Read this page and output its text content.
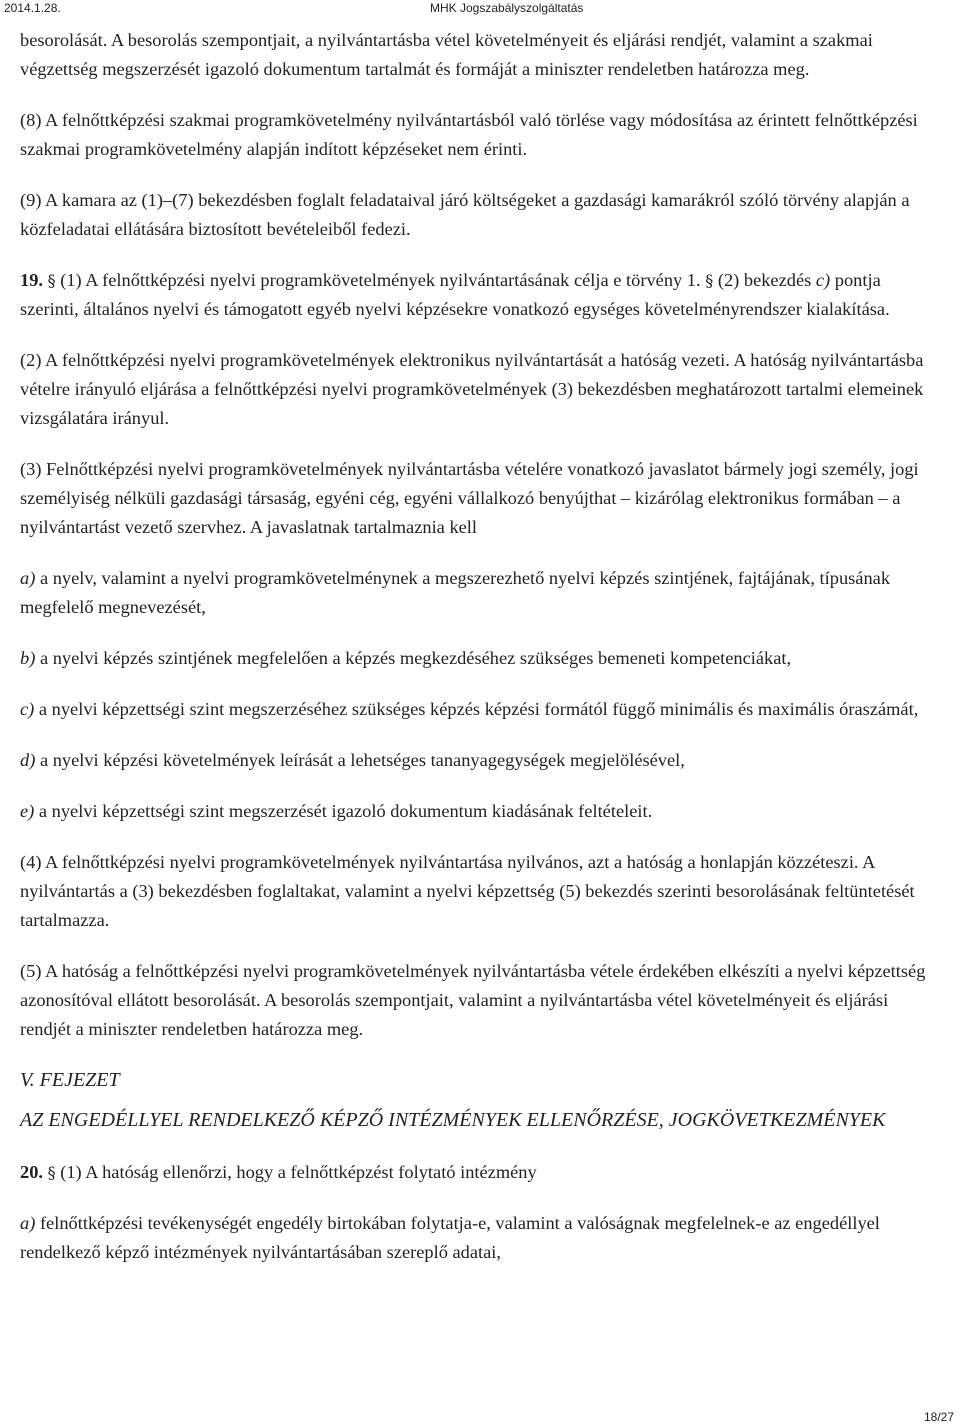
2014.1.28.	MHK Jogszabályszolgáltatás

besorolását. A besorolás szempontjait, a nyilvántartásba vétel követelményeit és eljárási rendjét, valamint a szakmai végzettség megszerzését igazoló dokumentum tartalmát és formáját a miniszter rendeletben határozza meg.

(8) A felnőttképzési szakmai programkövetelmény nyilvántartásból való törlése vagy módosítása az érintett felnőttképzési szakmai programkövetelmény alapján indított képzéseket nem érinti.

(9) A kamara az (1)–(7) bekezdésben foglalt feladataival járó költségeket a gazdasági kamarákról szóló törvény alapján a közfeladatai ellátására biztosított bevételeiből fedezi.

19. § (1) A felnőttképzési nyelvi programkövetelmények nyilvántartásának célja e törvény 1. § (2) bekezdés c) pontja szerinti, általános nyelvi és támogatott egyéb nyelvi képzésekre vonatkozó egységes követelményrendszer kialakítása.

(2) A felnőttképzési nyelvi programkövetelmények elektronikus nyilvántartását a hatóság vezeti. A hatóság nyilvántartásba vételre irányuló eljárása a felnőttképzési nyelvi programkövetelmények (3) bekezdésben meghatározott tartalmi elemeinek vizsgálatára irányul.

(3) Felnőttképzési nyelvi programkövetelmények nyilvántartásba vételére vonatkozó javaslatot bármely jogi személy, jogi személyiség nélküli gazdasági társaság, egyéni cég, egyéni vállalkozó benyújthat – kizárólag elektronikus formában – a nyilvántartást vezető szervhez. A javaslatnak tartalmaznia kell

a) a nyelv, valamint a nyelvi programkövetelménynek a megszerezhető nyelvi képzés szintjének, fajtájának, típusának megfelelő megnevezését,

b) a nyelvi képzés szintjének megfelelően a képzés megkezdéséhez szükséges bemeneti kompetenciákat,

c) a nyelvi képzettségi szint megszerzéséhez szükséges képzés képzési formától függő minimális és maximális óraszámát,

d) a nyelvi képzési követelmények leírását a lehetséges tananyagegységek megjelölésével,

e) a nyelvi képzettségi szint megszerzését igazoló dokumentum kiadásának feltételeit.

(4) A felnőttképzési nyelvi programkövetelmények nyilvántartása nyilvános, azt a hatóság a honlapján közzéteszi. A nyilvántartás a (3) bekezdésben foglaltakat, valamint a nyelvi képzettség (5) bekezdés szerinti besorolásának feltüntetését tartalmazza.

(5) A hatóság a felnőttképzési nyelvi programkövetelmények nyilvántartásba vétele érdekében elkészíti a nyelvi képzettség azonosítóval ellátott besorolását. A besorolás szempontjait, valamint a nyilvántartásba vétel követelményeit és eljárási rendjét a miniszter rendeletben határozza meg.

V. FEJEZET

AZ ENGEDÉLLYEL RENDELKEZŐ KÉPZŐ INTÉZMÉNYEK ELLENŐRZÉSE, JOGKÖVETKEZMÉNYEK

20. § (1) A hatóság ellenőrzi, hogy a felnőttképzést folytató intézmény

a) felnőttképzési tevékenységét engedély birtokában folytatja-e, valamint a valóságnak megfelelnek-e az engedéllyel rendelkező képző intézmények nyilvántartásában szereplő adatai,

18/27
